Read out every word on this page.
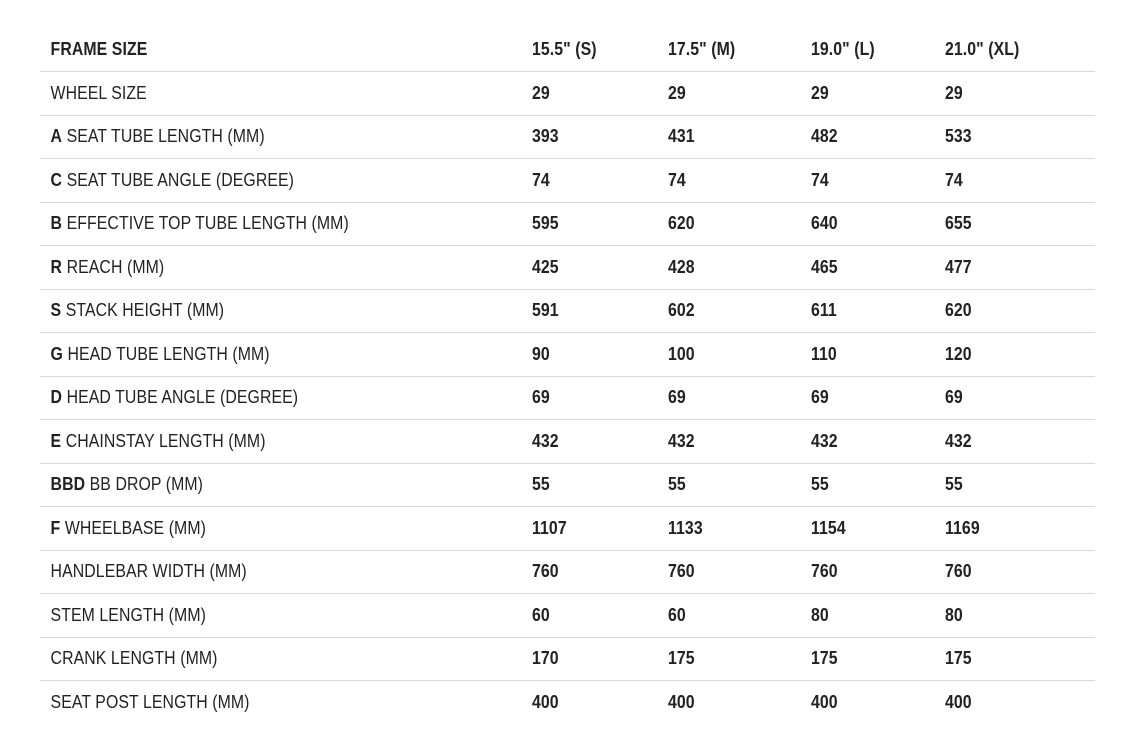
FRAME SIZE	15.5" (S)	17.5" (M)	19.0" (L)	21.0" (XL)
WHEEL SIZE	29	29	29	29
A SEAT TUBE LENGTH (MM)	393	431	482	533
C SEAT TUBE ANGLE (DEGREE)	74	74	74	74
B EFFECTIVE TOP TUBE LENGTH (MM)	595	620	640	655
R REACH (MM)	425	428	465	477
S STACK HEIGHT (MM)	591	602	611	620
G HEAD TUBE LENGTH (MM)	90	100	110	120
D HEAD TUBE ANGLE (DEGREE)	69	69	69	69
E CHAINSTAY LENGTH (MM)	432	432	432	432
BBD BB DROP (MM)	55	55	55	55
F WHEELBASE (MM)	1107	1133	1154	1169
HANDLEBAR WIDTH (MM)	760	760	760	760
STEM LENGTH (MM)	60	60	80	80
CRANK LENGTH (MM)	170	175	175	175
SEAT POST LENGTH (MM)	400	400	400	400
